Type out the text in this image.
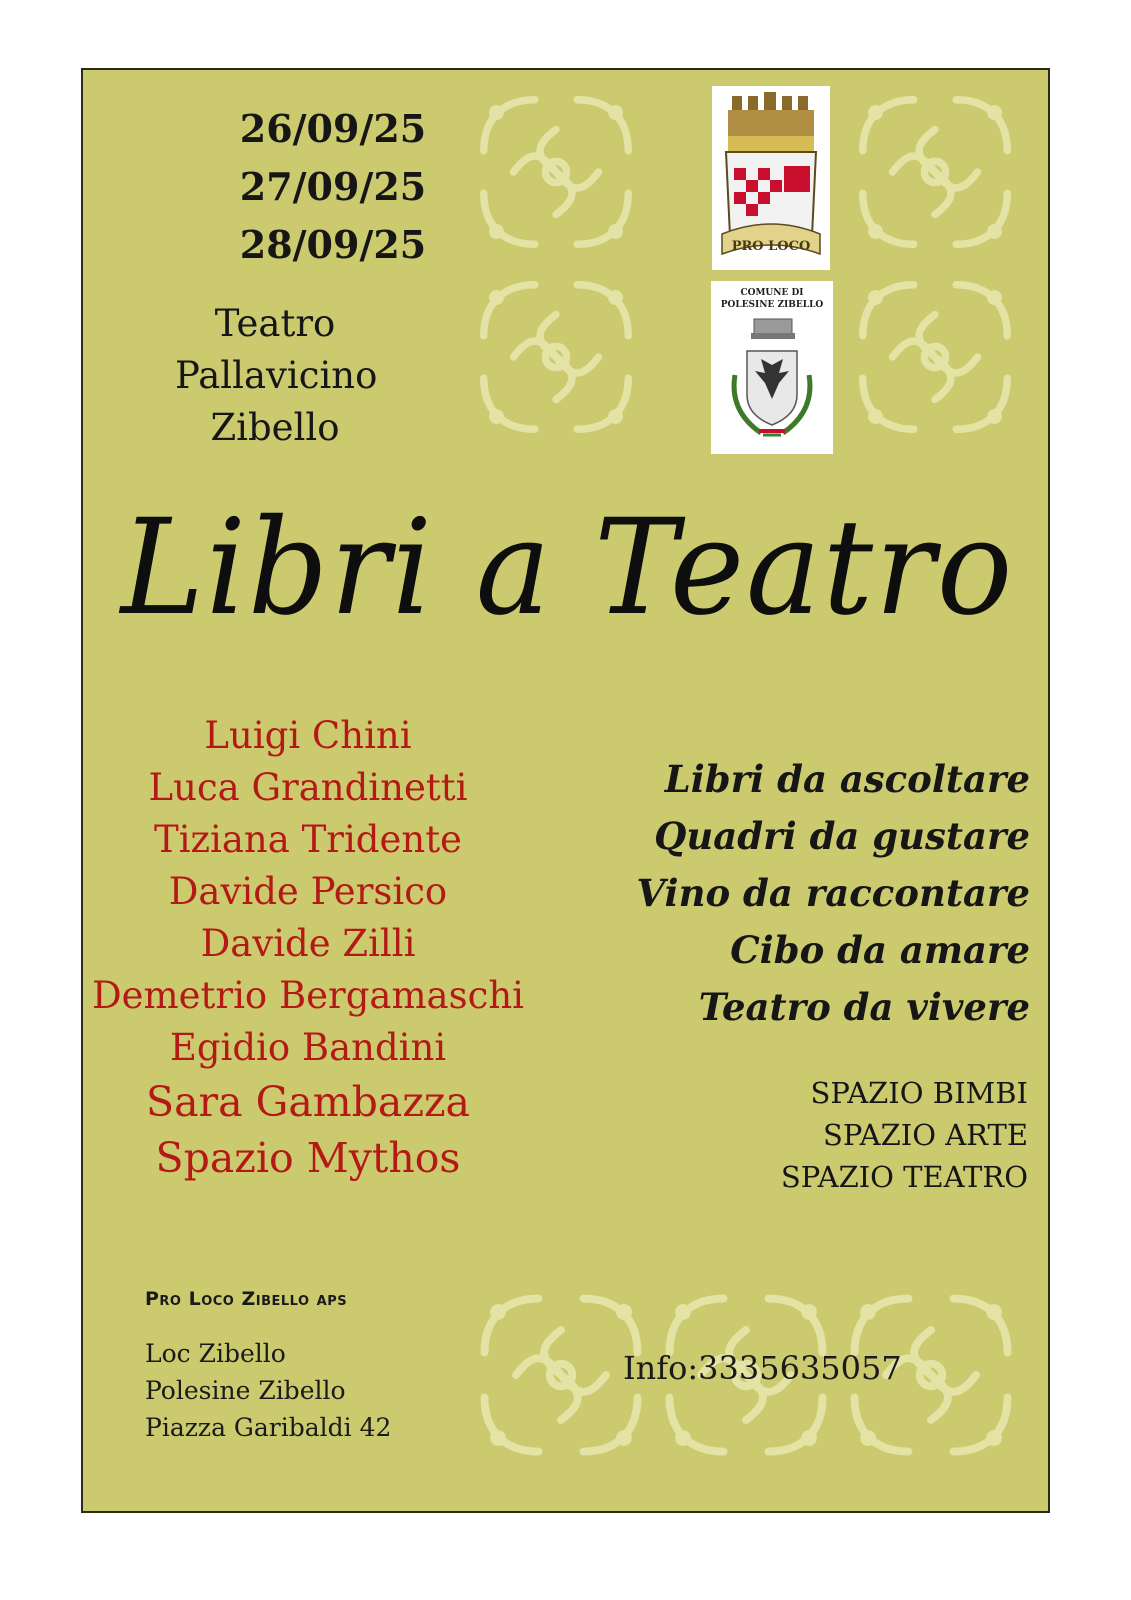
26/09/25
27/09/25
28/09/25
Teatro
Pallavicino
Zibello
PRO LOCO
COMUNE DI
POLESINE ZIBELLO
Libri a Teatro
Luigi Chini
Luca Grandinetti
Tiziana Tridente
Davide Persico
Davide Zilli
Demetrio Bergamaschi
Egidio Bandini
Sara Gambazza
Spazio Mythos
Libri da ascoltare
Quadri da gustare
Vino da raccontare
Cibo da amare
Teatro da vivere
SPAZIO BIMBI
SPAZIO ARTE
SPAZIO TEATRO
Pro Loco Zibello aps
Loc Zibello
Polesine Zibello
Piazza Garibaldi 42
Info:3335635057
